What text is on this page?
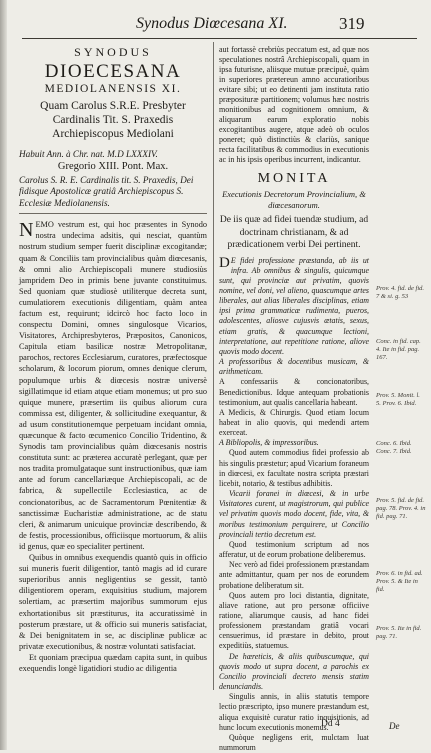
Synodus Diœcesana XI.	319
SYNODUS
DIOECESANA
MEDIOLANENSIS XI.
Quam Carolus S.R.E. Presbyter Cardinalis Tit. S. Praxedis Archiepiscopus Mediolani
Habuit Ann. à Chr. nat. M.D LXXXIV.
Gregorio XIII. Pont. Max.
Carolus S. R. E. Cardinalis tit. S. Praxedis, Dei fidisque Apostolicæ gratiâ Archiepiscopus S. Ecclesiæ Mediolanensis.

NEMO vestrum est, qui hoc præsentes in Synodo nostra undecima adsitis, qui nesciat, quantùm nostrum studium semper fuerit disciplinæ excogitandæ; quam & Conciliis tam provincialibus quàm diœcesanis, & omni alio Archiepiscopali munere studiosiùs jampridem Deo in primis bene juvante constituimus. Sed quoniam quæ studiosè utiliterque decreta sunt, cumulatiorem executionis diligentiam, quàm antea factum est, requirunt; idcircò hoc facto loco in conspectu Domini, omnes singulosque Vicarios, Visitatores, Archipresbyteros, Præpositos, Canonicos, Capitula etiam basilicæ nostræ Metropolitanæ, parochos, rectores Ecclesiarum, curatores, præfectosque scholarum, & locorum piorum, omnes denique clerum, populumque urbis & diœcesis nostræ universè sigillatimque id etiam atque etiam monemus; ut pro suo quique munere, præsertim iis quibus aliorum cura commissa est, diligenter, & sollicitudine exequantur, & ad usum constitutionemque perpetuam incidant omnia, quæcunque & facto œcumenico Concilio Tridentino, & Synodis tam provincialibus quàm diœcesanis nostris constituta sunt: ac præterea accuratè perlegant, quæ per nos tradita promulgataque sunt instructionibus, quæ iam ante ad forum cancellariæque Archiepiscopali, ac de fabrica, & supellectile Ecclesiastica, ac de concionatoribus, ac de Sacramentorum Pœnitentiæ & sanctissimæ Eucharistiæ administratione, ac de statu cleri, & animarum unicuique provinciæ describendo, & de festis, processionibus, officiisque mortuorum, & aliis id genus, quæ eo specialiter pertinent.

Quibus in omnibus exequendis quantò quis in officio sui muneris fuerit diligentior, tantò magis ad id curare superioribus annis negligentius se gessit, tantò diligentiorem operam, exquisitius studium, majorem solertiam, ac præsertim majoribus summorum ejus exhortationibus sit præstiturus, ita accuratissimè in posterum præstare, ut & officio sui muneris satisfaciat, & Dei benignitatem in se, ac disciplinæ publicæ ac privatæ executionibus, & nostræ voluntati satisfaciat.

Et quoniam præcipua quædam capita sunt, in quibus exequendis longè ligatidiori studio ac diligentia

aut fortassè crebriùs peccatum est, ad quæ nos speculationes nostrâ Archiepiscopali, quam in ipsa futurisne, aliisque mutuæ præcipuè, quàm in superiores prætereun amno accuratioribus evitare sibi; ut eo detinenti jam instituta ratio præposituræ partitionem; volumus hæc nostris monitionibus ad cognitionem omnium, & aliquarum earum exploratio nobis excogitantibus augere, atque adeò ob oculos poneret; quò distinctiùs & clariùs, sanique recta facilitatibus & commodius in executionis ac in his ipsis operibus incurrent, indicantur.
MONITA
Executionis Decretorum Provincialium, & diœcesanorum.
De iis quæ ad fidei tuendæ studium, ad doctrinam christianam, & ad prædicationem verbi Dei pertinent.

D E fidei professione præstanda, ab iis ut infra. Ab omnibus & singulis, quicumque sunt, qui provinciæ aut privatim, quovis nomine, vel doni, vel alieno, quascumque artes liberales, aut alias liberales disciplinas, etiam ipsi prima grammaticæ rudimenta, pueros, adolescentes, aliosve cujusvis ætatis, sexus, etiam gratis, & quacumque lectioni, interpretatione, aut repetitione ratione, aliove quovis modo docent.

A professoribus & docentibus musicam, & arithmeticam.

A confessariis & concionatoribus, Benedictionibus. Idque antequam probationis testimonium, aut qualis cancellaria habeant.

A Medicis, & Chirurgis. Quod etiam locum habeat in alio quovis, qui medendi artem exerceat.

A Bibliopolis, & impressoribus.

Quod autem commodius fidei professio ab his singulis præstetur; apud Vicarium foraneum in diœcesi, ex facultate nostra scripta præstari licebit, notario, & testibus adhibitis.

Vicarii foranei in diœcesi, & in urbe Visitatores curent, ut magistrorum, qui publice vel privatim quovis modo docent, fide, vita, & moribus testimonium perquirere, ut Concilio provinciali tertio decretum est.

Quod testimonium scriptum ad nos afferatur, ut de eorum probatione deliberemus.

Nec verò ad fidei professionem præstandam ante admittantur, quam per nos de eorundem probatione deliberatum sit.

Quos autem pro loci distantia, dignitate, aliave ratione, aut pro personæ officiive ratione, aliarumque causis, ad hanc fidei professionem præstandam gratiâ vocari censuerimus, id præstare in debito, prout expeditiùs, statuemus.

De hæreticis, & aliis quibuscumque, qui quovis modo ut supra docent, a parochis ex Concilio provinciali decreto mensis statim denunciandis.

Singulis annis, in aliis statutis tempore lectio præscripto, ipso munere præstandum est, aliqua exquisitè curatur ratio inquisitionis, ad hunc locum executionis monemus.

Quòque negligens erit, mulctam luat nummorum

Prov. 4. fid. de fid. 7 & si. g. 53
Conc. in fid. cap. 4. Ite in fid. pag. 167.
Prov. 5. Monit. l. 5. Prov. 6. Ibid.
Conc. 6. Ibid. Conc. 7. Ibid.
Prov. 5. fid. de fid. pag. 78. Prov. 4. in fid. pag. 71.
Prov. 6. in fid. ad. Prov. 5. & Ite in fid.
Prov. 5. Ite in fid. pag. 71.
Dd 4	De
